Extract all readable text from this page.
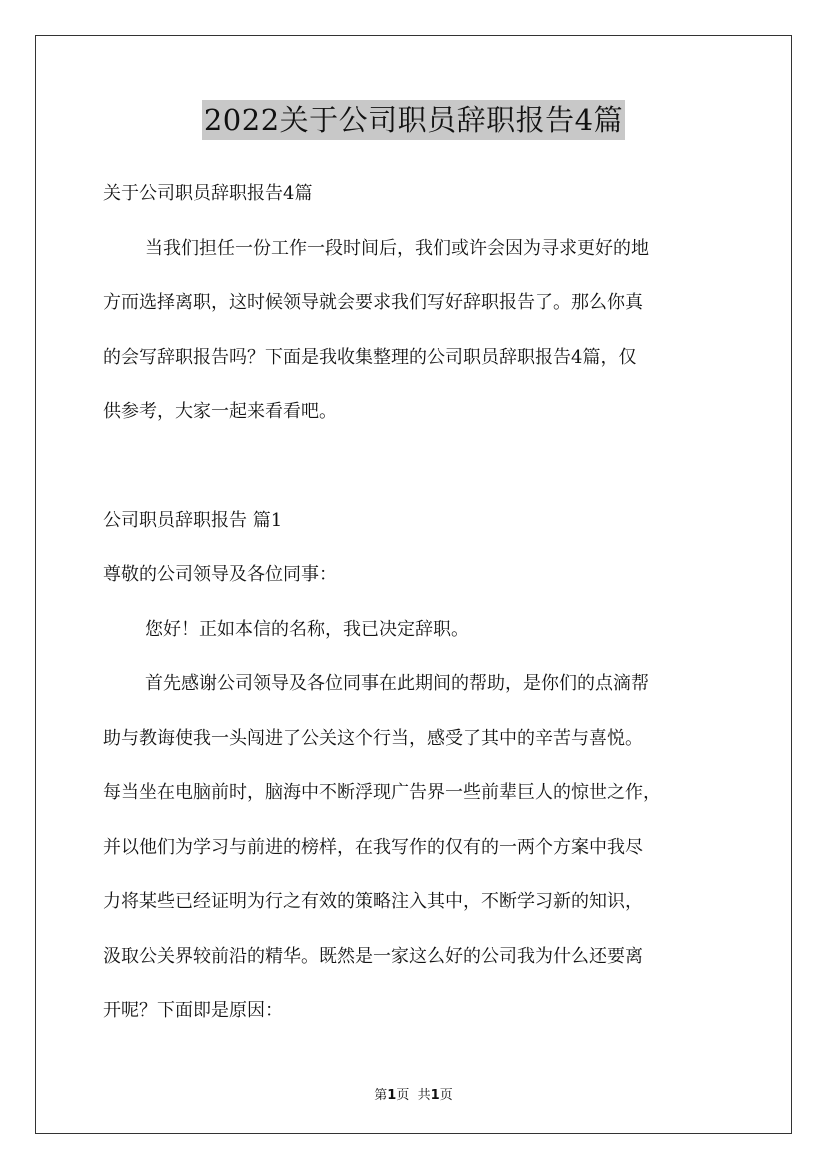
2022关于公司职员辞职报告4篇
关于公司职员辞职报告4篇
当我们担任一份工作一段时间后，我们或许会因为寻求更好的地
方而选择离职，这时候领导就会要求我们写好辞职报告了。那么你真
的会写辞职报告吗？下面是我收集整理的公司职员辞职报告4篇，仅
供参考，大家一起来看看吧。
公司职员辞职报告 篇1
尊敬的公司领导及各位同事：
您好！正如本信的名称，我已决定辞职。
首先感谢公司领导及各位同事在此期间的帮助，是你们的点滴帮
助与教诲使我一头闯进了公关这个行当，感受了其中的辛苦与喜悦。
每当坐在电脑前时，脑海中不断浮现广告界一些前辈巨人的惊世之作，
并以他们为学习与前进的榜样，在我写作的仅有的一两个方案中我尽
力将某些已经证明为行之有效的策略注入其中，不断学习新的知识，
汲取公关界较前沿的精华。既然是一家这么好的公司我为什么还要离
开呢？下面即是原因：
第1页 共1页
